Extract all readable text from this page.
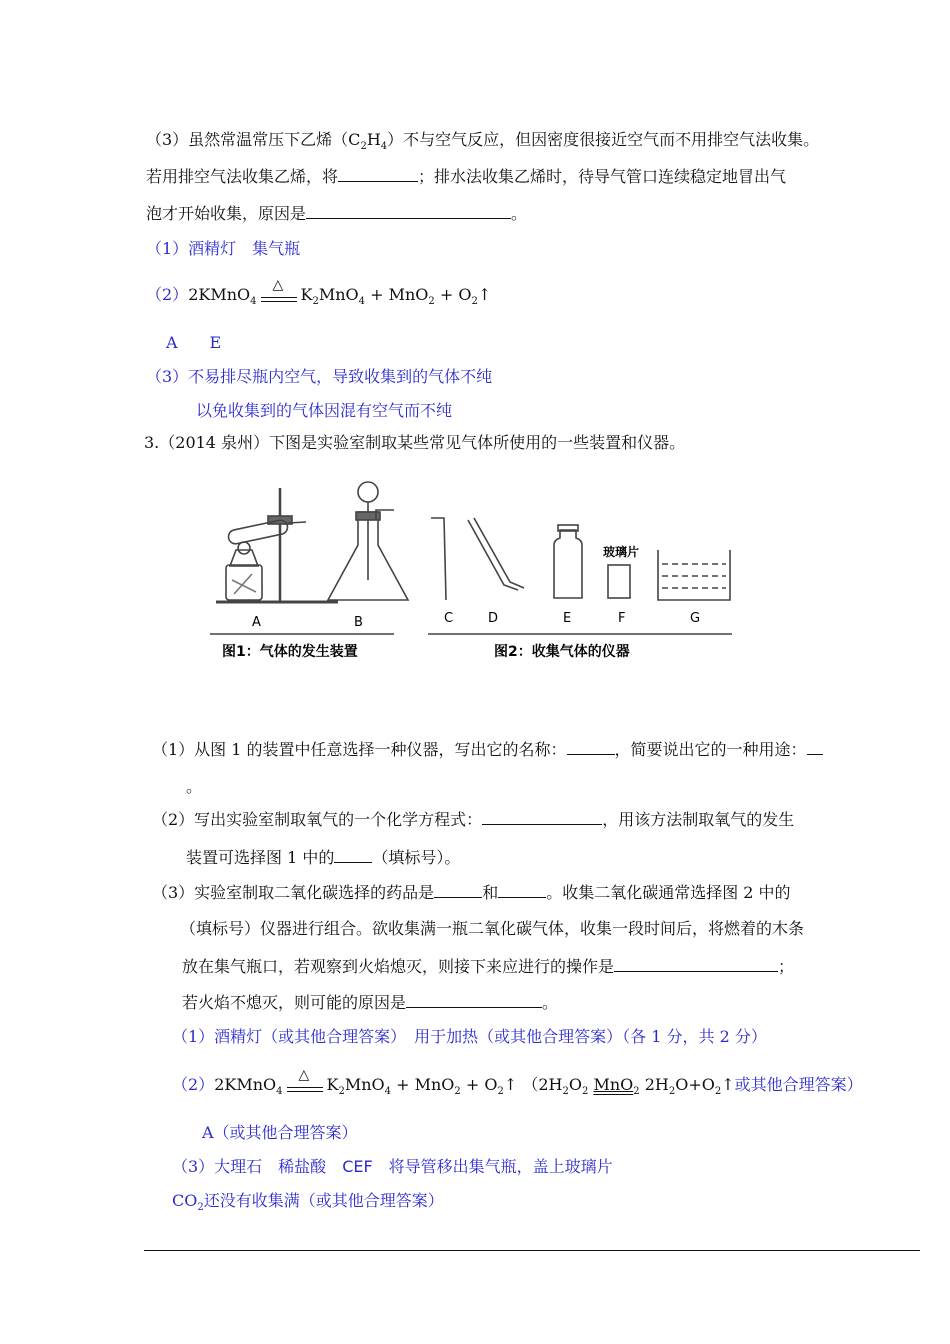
（3）虽然常温常压下乙烯$(C_2H_4)$不与空气反应，但因密度很接近空气而不用排空气法收集。
若用排空气法收集乙烯，将	；排水法收集乙烯时，待导气管口连续稳定地冒出气
泡才开始收集，原因是	。
（1）酒精灯　集气瓶
（2）2KMnO$_4$
△
$K_2MnO_4 + MnO_2$ + $O_2↑$
A　　E
（3）不易排尽瓶内空气，导致收集到的气体不纯
以免收集到的气体因混有空气而不纯
3.（2014 泉州）下图是实验室制取某些常见气体所使用的一些装置和仪器。
玻璃片
A	B	C	D	E	F	G
图1：气体的发生装置	图2：收集气体的仪器
（1）从图 1 的装置中任意选择一种仪器，写出它的名称：	，简要说出它的一种用途：
。
（2）写出实验室制取氧气的一个化学方程式：	，用该方法制取氧气的发生
装置可选择图 1 中的 （填标号）。
（3）实验室制取二氧化碳选择的药品是	和	。收集二氧化碳通常选择图 2 中的
（填标号）仪器进行组合。欲收集满一瓶二氧化碳气体，收集一段时间后，将燃着的木条
放在集气瓶口，若观察到火焰熄灭，则接下来应进行的操作是	；
若火焰不熄灭，则可能的原因是	。
（1）酒精灯（或其他合理答案）　用于加热（或其他合理答案）（各 1 分，共 2 分）
（2）2KMnO$_4$
△
$K_2MnO_4 + MnO_2$ + $O_2↑$ （$2H_2O_2$ MnO$_2$ $2H_2O+O_2↑$或其他合理答案）
A（或其他合理答案）
（3）大理石　稀盐酸　CEF　将导管移出集气瓶，盖上玻璃片
$CO_2$还没有收集满（或其他合理答案）
